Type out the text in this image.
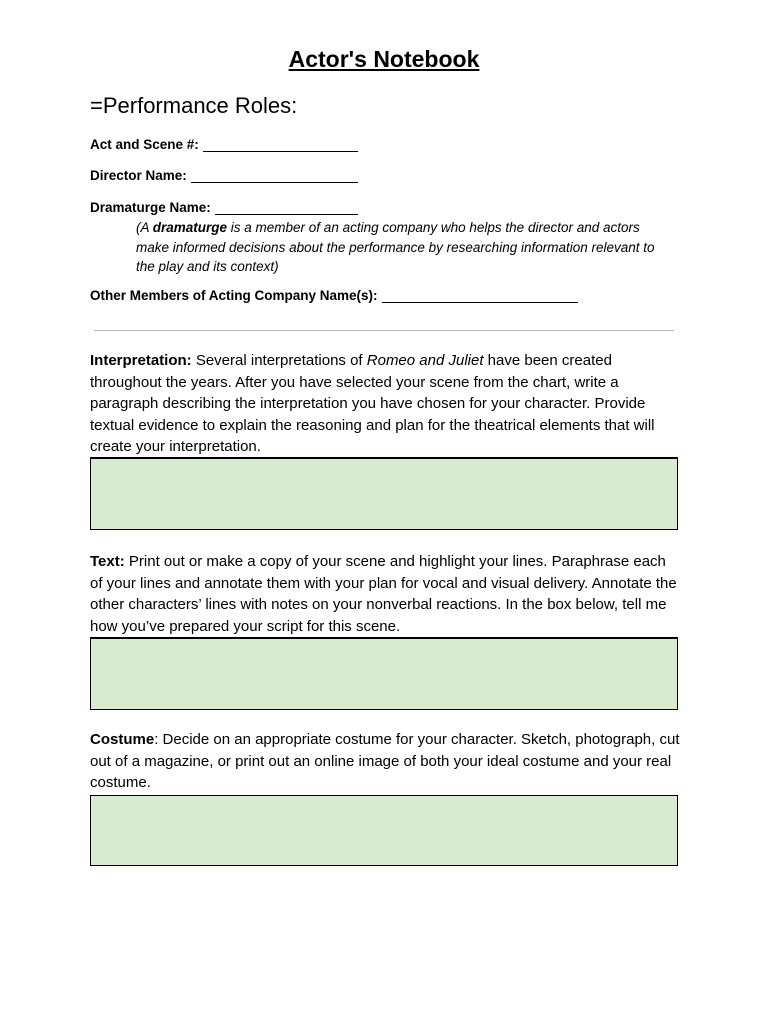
Actor's Notebook
=Performance Roles:
Act and Scene #:
Director Name:
Dramaturge Name:
(A dramaturge is a member of an acting company who helps the director and actors make informed decisions about the performance by researching information relevant to the play and its context)
Other Members of Acting Company Name(s):
Interpretation: Several interpretations of Romeo and Juliet have been created throughout the years. After you have selected your scene from the chart, write a paragraph describing the interpretation you have chosen for your character. Provide textual evidence to explain the reasoning and plan for the theatrical elements that will create your interpretation.
Text: Print out or make a copy of your scene and highlight your lines. Paraphrase each of your lines and annotate them with your plan for vocal and visual delivery. Annotate the other characters’ lines with notes on your nonverbal reactions. In the box below, tell me how you’ve prepared your script for this scene.
Costume: Decide on an appropriate costume for your character. Sketch, photograph, cut out of a magazine, or print out an online image of both your ideal costume and your real costume.
